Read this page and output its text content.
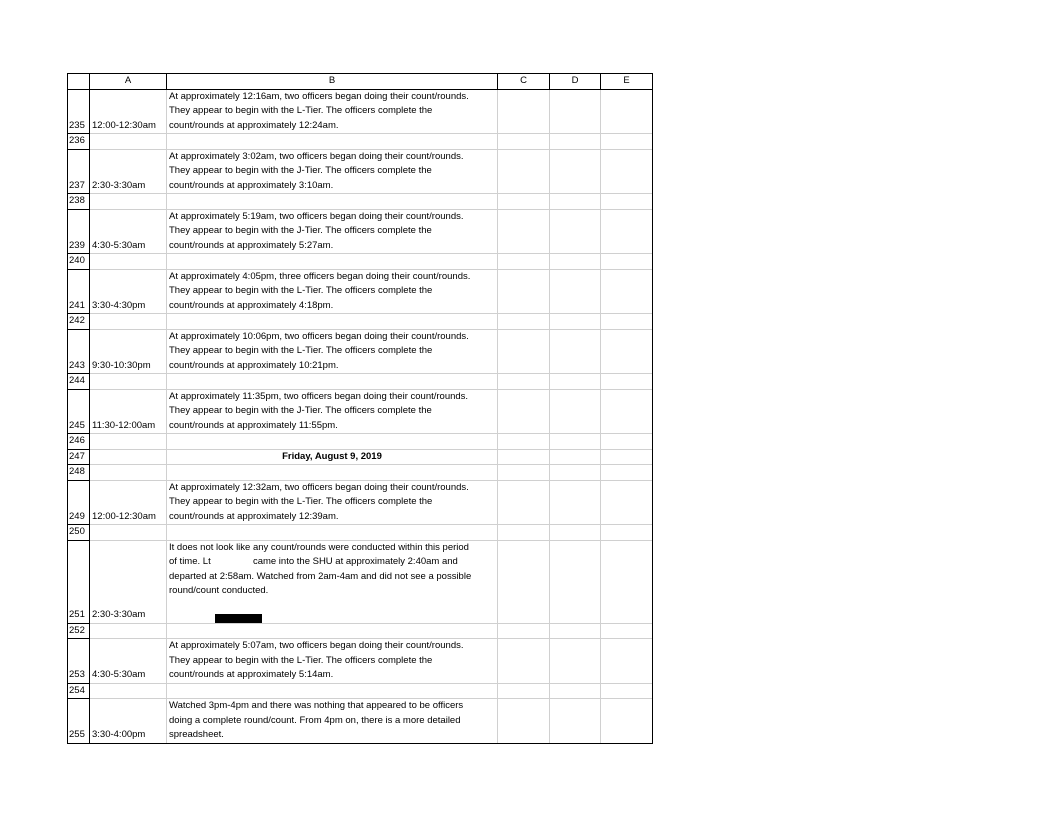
	A	B	C	D	E
235	12:00-12:30am	At approximately 12:16am, two officers began doing their count/rounds.
They appear to begin with the L-Tier. The officers complete the
count/rounds at approximately 12:24am.			

236					
237	2:30-3:30am	At approximately 3:02am, two officers began doing their count/rounds.
They appear to begin with the J-Tier. The officers complete the
count/rounds at approximately 3:10am.			

238					
239	4:30-5:30am	At approximately 5:19am, two officers began doing their count/rounds.
They appear to begin with the J-Tier. The officers complete the
count/rounds at approximately 5:27am.			

240					
241	3:30-4:30pm	At approximately 4:05pm, three officers began doing their count/rounds.
They appear to begin with the L-Tier. The officers complete the
count/rounds at approximately 4:18pm.			

242					
243	9:30-10:30pm	At approximately 10:06pm, two officers began doing their count/rounds.
They appear to begin with the L-Tier. The officers complete the
count/rounds at approximately 10:21pm.			

244					
245	11:30-12:00am	At approximately 11:35pm, two officers began doing their count/rounds.
They appear to begin with the J-Tier. The officers complete the
count/rounds at approximately 11:55pm.			

246					
247		Friday, August 9, 2019			
248					
249	12:00-12:30am	At approximately 12:32am, two officers began doing their count/rounds.
They appear to begin with the L-Tier. The officers complete the
count/rounds at approximately 12:39am.			

250					
251	2:30-3:30am	It does not look like any count/rounds were conducted within this period
of time. Lt                came into the SHU at approximately 2:40am and
departed at 2:58am. Watched from 2am-4am and did not see a possible
round/count conducted.			

252					
253	4:30-5:30am	At approximately 5:07am, two officers began doing their count/rounds.
They appear to begin with the L-Tier. The officers complete the
count/rounds at approximately 5:14am.			

254					
255	3:30-4:00pm	Watched 3pm-4pm and there was nothing that appeared to be officers
doing a complete round/count. From 4pm on, there is a more detailed
spreadsheet.			
